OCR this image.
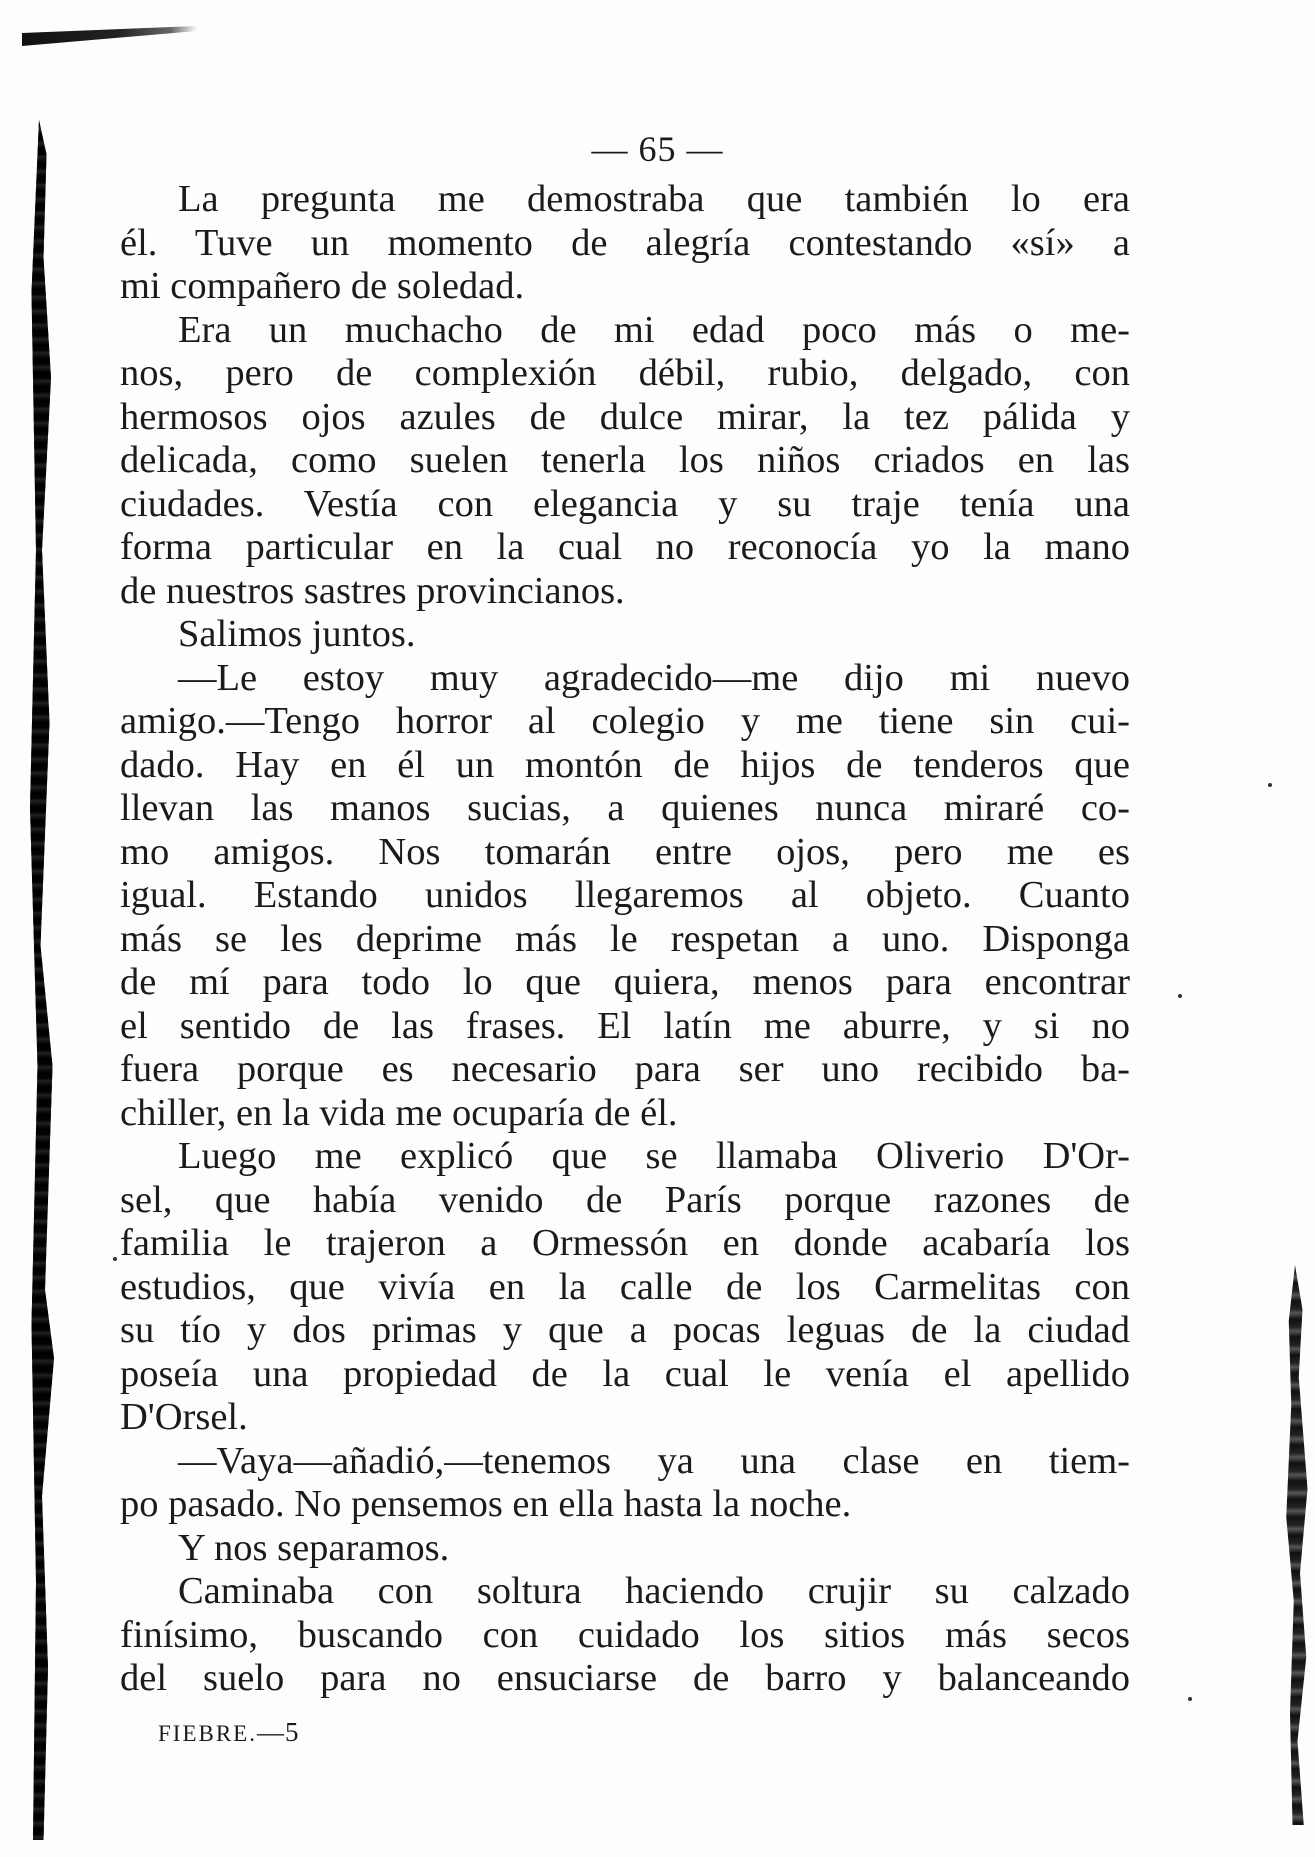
— 65 —
La pregunta me demostraba que también lo era
él. Tuve un momento de alegría contestando «sí» a
mi compañero de soledad.
Era un muchacho de mi edad poco más o me-
nos, pero de complexión débil, rubio, delgado, con
hermosos ojos azules de dulce mirar, la tez pálida y
delicada, como suelen tenerla los niños criados en las
ciudades. Vestía con elegancia y su traje tenía una
forma particular en la cual no reconocía yo la mano
de nuestros sastres provincianos.
Salimos juntos.
—Le estoy muy agradecido—me dijo mi nuevo
amigo.—Tengo horror al colegio y me tiene sin cui-
dado. Hay en él un montón de hijos de tenderos que
llevan las manos sucias, a quienes nunca miraré co-
mo amigos. Nos tomarán entre ojos, pero me es
igual. Estando unidos llegaremos al objeto. Cuanto
más se les deprime más le respetan a uno. Disponga
de mí para todo lo que quiera, menos para encontrar
el sentido de las frases. El latín me aburre, y si no
fuera porque es necesario para ser uno recibido ba-
chiller, en la vida me ocuparía de él.
Luego me explicó que se llamaba Oliverio D'Or-
sel, que había venido de París porque razones de
familia le trajeron a Ormessón en donde acabaría los
estudios, que vivía en la calle de los Carmelitas con
su tío y dos primas y que a pocas leguas de la ciudad
poseía una propiedad de la cual le venía el apellido
D'Orsel.
—Vaya—añadió,—tenemos ya una clase en tiem-
po pasado. No pensemos en ella hasta la noche.
Y nos separamos.
Caminaba con soltura haciendo crujir su calzado
finísimo, buscando con cuidado los sitios más secos
del suelo para no ensuciarse de barro y balanceando
FIEBRE.—5
